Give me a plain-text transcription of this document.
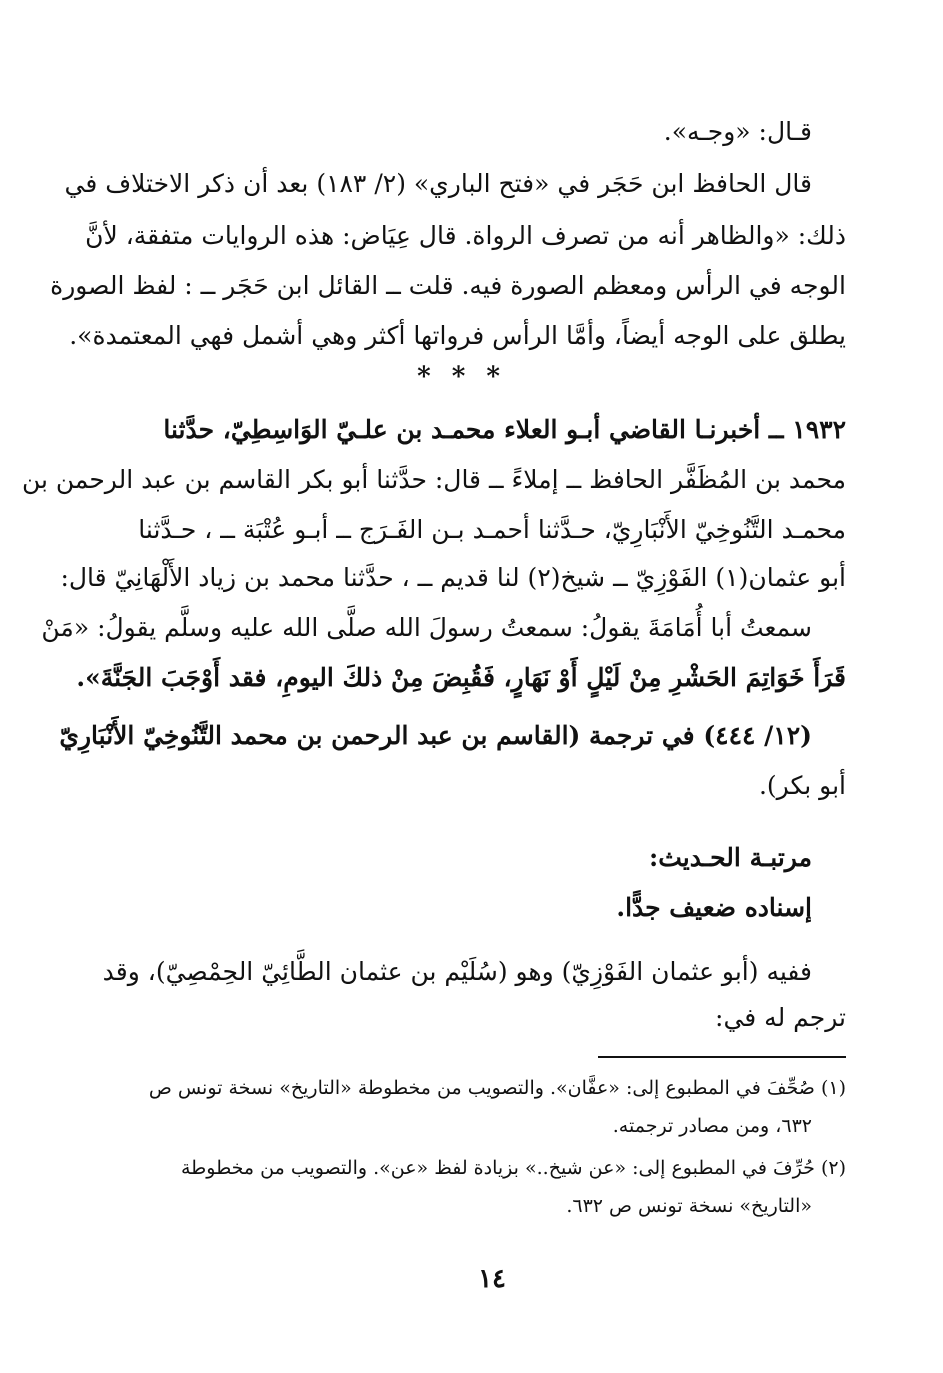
قـال: «وجـه».
قال الحافظ ابن حَجَر في «فتح الباري» (٢/ ١٨٣) بعد أن ذكر الاختلاف في
ذلك: «والظاهر أنه من تصرف الرواة. قال عِيَاض: هذه الروايات متفقة، لأنَّ
الوجه في الرأس ومعظم الصورة فيه. قلت ــ القائل ابن حَجَر ــ : لفظ الصورة
يطلق على الوجه أيضاً، وأمَّا الرأس فرواتها أكثر وهي أشمل فهي المعتمدة».
* * *
١٩٣٢ ــ أخبرنـا القاضي أبـو العلاء محمـد بن علـيّ الوَاسِطِيّ، حدَّثنا
محمد بن المُظَفَّر الحافظ ــ إملاءً ــ قال: حدَّثنا أبو بكر القاسم بن عبد الرحمن بن
محمـد التَّنُوخِيّ الأَنْبَارِيّ، حـدَّثنا أحمـد بـن الفَـرَج ــ أبـو عُتْبَة ــ ، حـدَّثنا
أبو عثمان(١) الفَوْزِيّ ــ شيخ(٢) لنا قديم ــ ، حدَّثنا محمد بن زياد الأَلْهَانِيّ قال:
سمعتُ أبا أُمَامَةَ يقولُ: سمعتُ رسولَ الله صلَّى الله عليه وسلَّم يقولُ: «مَنْ
قَرَأَ خَوَاتِمَ الحَشْرِ مِنْ لَيْلٍ أَوْ نَهَارٍ، فَقُبِضَ مِنْ ذلكَ اليومِ، فقد أَوْجَبَ الجَنَّةَ».
(١٢/ ٤٤٤) في ترجمة (القاسم بن عبد الرحمن بن محمد التَّنُوخِيّ الأَنْبَارِيّ
أبو بكر).
مرتبـة الحـديث:
إسناده ضعيف جدًّا.
ففيه (أبو عثمان الفَوْزِيّ) وهو (سُلَيْم بن عثمان الطَّائِيّ الحِمْصِيّ)، وقد
ترجم له في:
(١) صُحِّفَ في المطبوع إلى: «عفَّان». والتصويب من مخطوطة «التاريخ» نسخة تونس ص
٦٣٢، ومن مصادر ترجمته.
(٢) حُرِّفَ في المطبوع إلى: «عن شيخ..» بزيادة لفظ «عن». والتصويب من مخطوطة
«التاريخ» نسخة تونس ص ٦٣٢.
١٤
